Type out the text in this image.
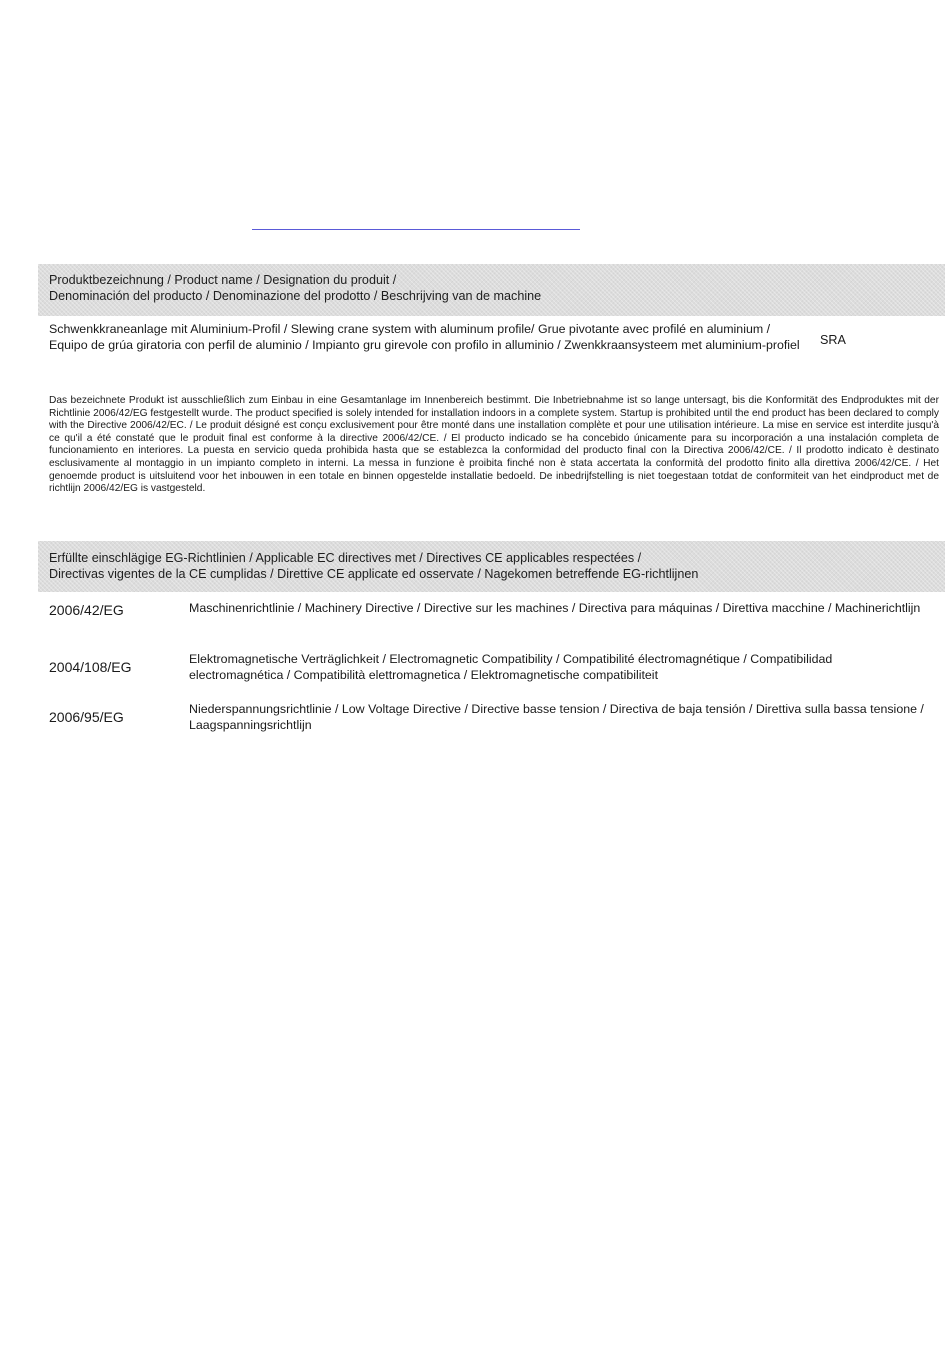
Produktbezeichnung / Product name / Designation du produit /
Denominación del producto / Denominazione del prodotto / Beschrijving van de machine
Schwenkkraneanlage mit Aluminium-Profil / Slewing crane system with aluminum profile/ Grue pivotante avec profilé en aluminium / Equipo de grúa giratoria con perfil de aluminio / Impianto gru girevole con profilo in alluminio / Zwenkkraansysteem met aluminium-profiel SRA
Das bezeichnete Produkt ist ausschließlich zum Einbau in eine Gesamtanlage im Innenbereich bestimmt. Die Inbetriebnahme ist so lange untersagt, bis die Konformität des Endproduktes mit der Richtlinie 2006/42/EG festgestellt wurde. The product specified is solely intended for installation indoors in a complete system. Startup is prohibited until the end product has been declared to comply with the Directive 2006/42/EC. / Le produit désigné est conçu exclusivement pour être monté dans une installation complète et pour une utilisation intérieure. La mise en service est interdite jusqu'à ce qu'il a été constaté que le produit final est conforme à la directive 2006/42/CE. / El producto indicado se ha concebido únicamente para su incorporación a una instalación completa de funcionamiento en interiores. La puesta en servicio queda prohibida hasta que se establezca la conformidad del producto final con la Directiva 2006/42/CE. / Il prodotto indicato è destinato esclusivamente al montaggio in un impianto completo in interni. La messa in funzione è proibita finché non è stata accertata la conformità del prodotto finito alla direttiva 2006/42/CE. / Het genoemde product is uitsluitend voor het inbouwen in een totale en binnen opgestelde installatie bedoeld. De inbedrijfstelling is niet toegestaan totdat de conformiteit van het eindproduct met de richtlijn 2006/42/EG is vastgesteld.
Erfüllte einschlägige EG-Richtlinien / Applicable EC directives met / Directives CE applicables respectées /
Directivas vigentes de la CE cumplidas / Direttive CE applicate ed osservate / Nagekomen betreffende EG-richtlijnen
2006/42/EG	Maschinenrichtlinie / Machinery Directive / Directive sur les machines / Directiva para máquinas / Direttiva macchine / Machinerichtlijn
2004/108/EG	Elektromagnetische Verträglichkeit / Electromagnetic Compatibility / Compatibilité électromagnétique / Compatibilidad electromagnética / Compatibilità elettromagnetica / Elektromagnetische compatibiliteit
2006/95/EG	Niederspannungsrichtlinie / Low Voltage Directive / Directive basse tension / Directiva de baja tensión / Direttiva sulla bassa tensione / Laagspanningsrichtlijn
